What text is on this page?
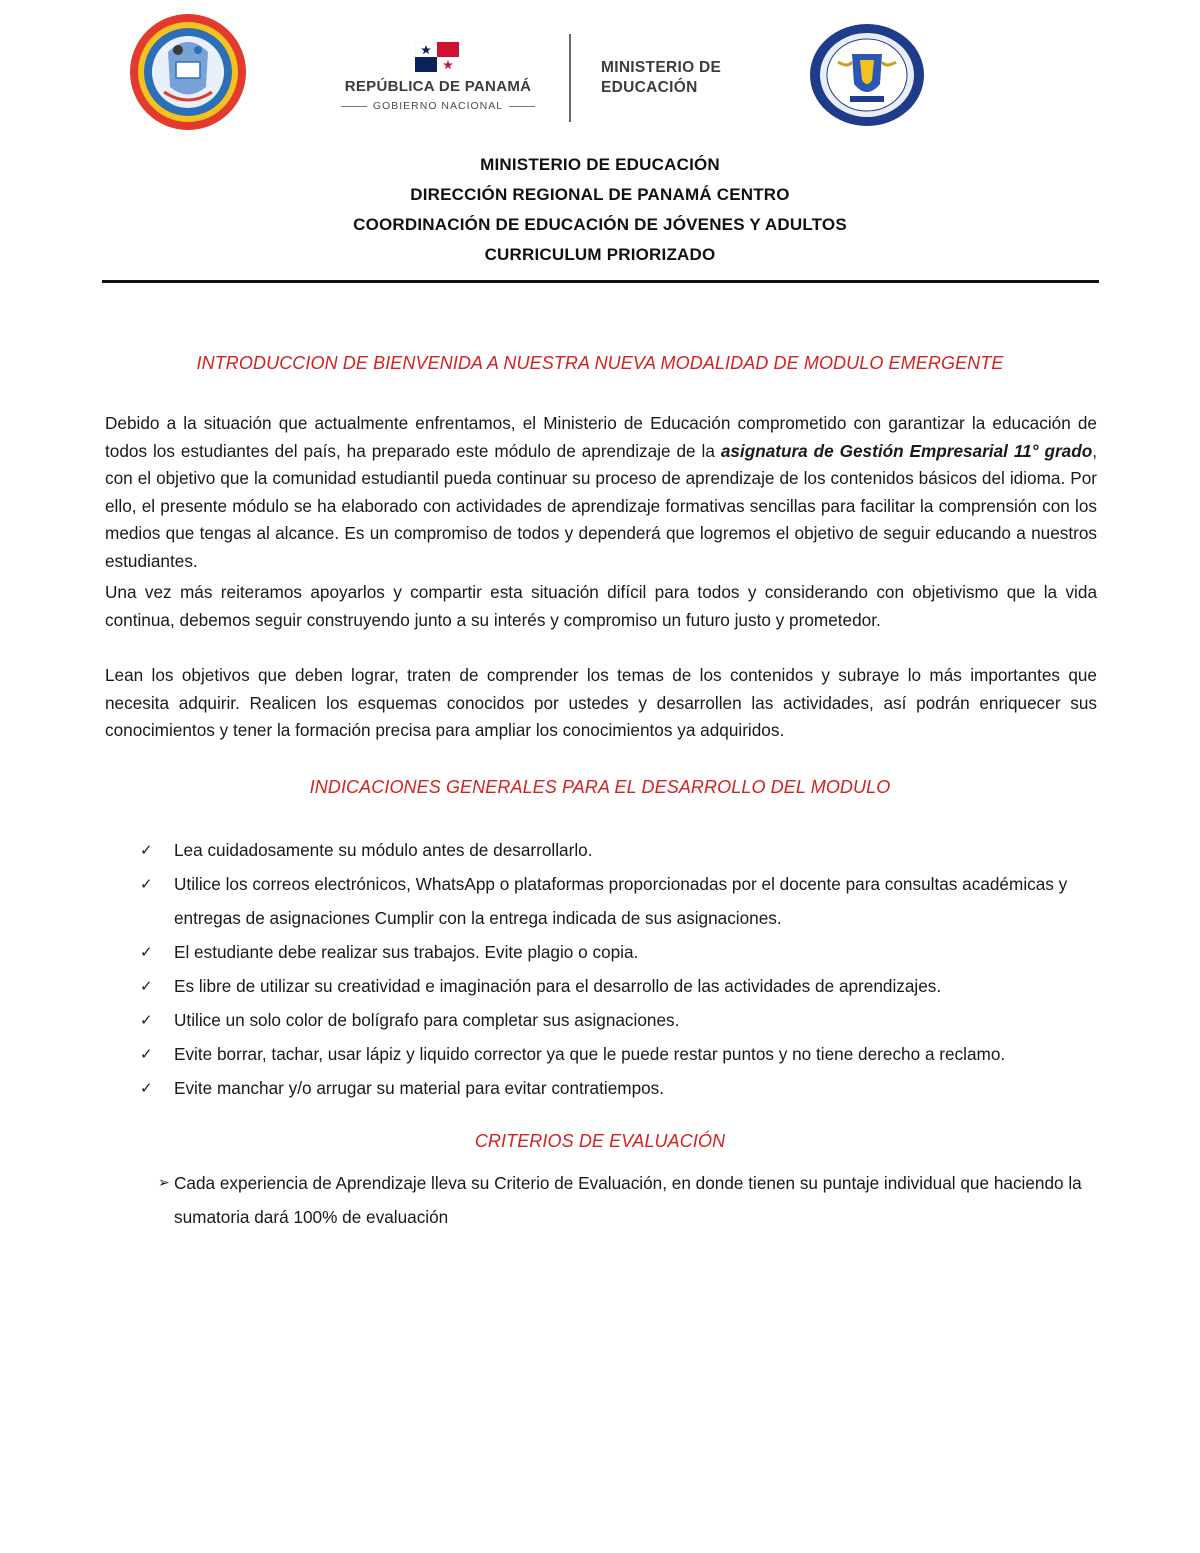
REPÚBLICA DE PANAMÁ
GOBIERNO NACIONAL
MINISTERIO DE
EDUCACIÓN
MINISTERIO DE EDUCACIÓN
DIRECCIÓN REGIONAL DE PANAMÁ CENTRO
COORDINACIÓN DE EDUCACIÓN DE JÓVENES Y ADULTOS
CURRICULUM PRIORIZADO
INTRODUCCION DE BIENVENIDA A NUESTRA NUEVA MODALIDAD DE MODULO EMERGENTE
Debido a la situación que actualmente enfrentamos, el Ministerio de Educación comprometido con garantizar la educación de todos los estudiantes del país, ha preparado este módulo de aprendizaje de la asignatura de Gestión Empresarial 11° grado, con el objetivo que la comunidad estudiantil pueda continuar su proceso de aprendizaje de los contenidos básicos del idioma. Por ello, el presente módulo se ha elaborado con actividades de aprendizaje formativas sencillas para facilitar la comprensión con los medios que tengas al alcance. Es un compromiso de todos y dependerá que logremos el objetivo de seguir educando a nuestros estudiantes.
Una vez más reiteramos apoyarlos y compartir esta situación difícil para todos y considerando con objetivismo que la vida continua, debemos seguir construyendo junto a su interés y compromiso un futuro justo y prometedor.
Lean los objetivos que deben lograr, traten de comprender los temas de los contenidos y subraye lo más importantes que necesita adquirir. Realicen los esquemas conocidos por ustedes y desarrollen las actividades, así podrán enriquecer sus conocimientos y tener la formación precisa para ampliar los conocimientos ya adquiridos.
INDICACIONES GENERALES PARA EL DESARROLLO DEL MODULO
✓	Lea cuidadosamente su módulo antes de desarrollarlo.
✓	Utilice los correos electrónicos, WhatsApp o plataformas proporcionadas por el docente para consultas académicas y entregas de asignaciones Cumplir con la entrega indicada de sus asignaciones.
✓	El estudiante debe realizar sus trabajos. Evite plagio o copia.
✓	Es libre de utilizar su creatividad e imaginación para el desarrollo de las actividades de aprendizajes.
✓	Utilice un solo color de bolígrafo para completar sus asignaciones.
✓	Evite borrar, tachar, usar lápiz y liquido corrector ya que le puede restar puntos y no tiene derecho a reclamo.
✓	Evite manchar y/o arrugar su material para evitar contratiempos.
CRITERIOS DE EVALUACIÓN
➢ Cada experiencia de Aprendizaje lleva su Criterio de Evaluación, en donde tienen su puntaje individual que haciendo la sumatoria dará 100% de evaluación
